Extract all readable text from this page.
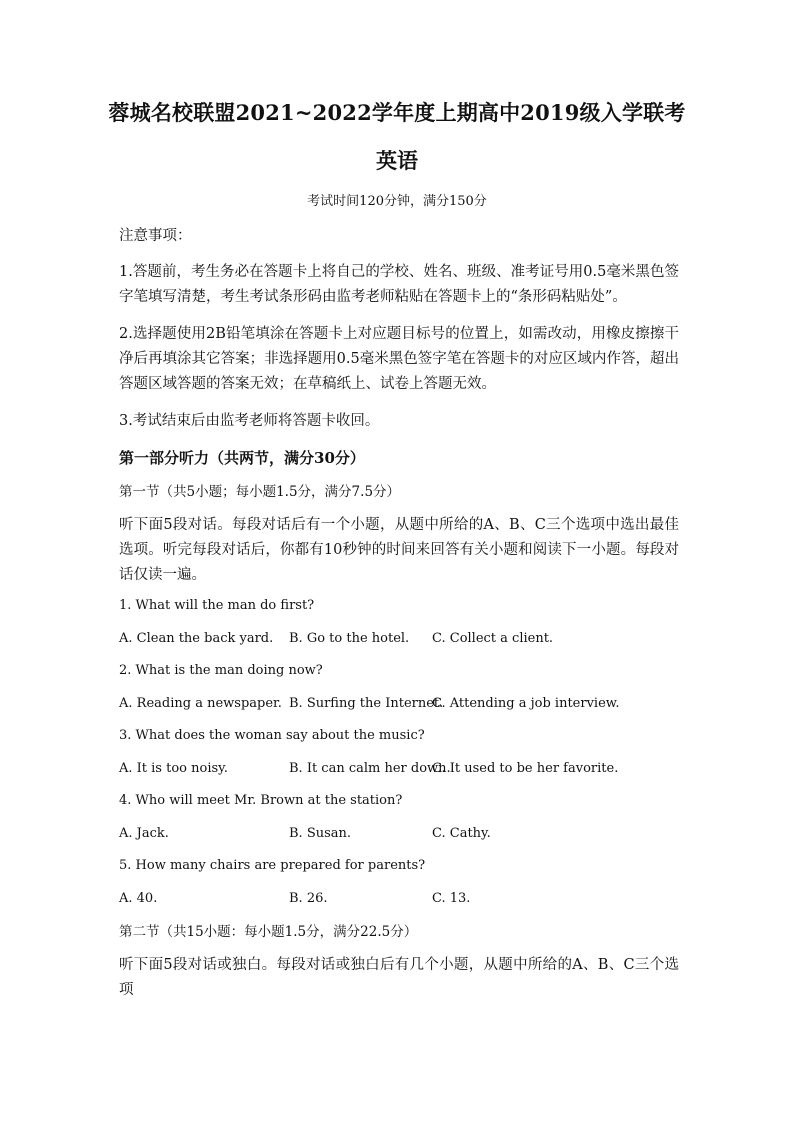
蓉城名校联盟2021~2022学年度上期高中2019级入学联考
英语
考试时间120分钟，满分150分

注意事项：

1.答题前，考生务必在答题卡上将自己的学校、姓名、班级、准考证号用0.5毫米黑色签字笔填写清楚，考生考试条形码由监考老师粘贴在答题卡上的“条形码粘贴处”。

2.选择题使用2B铅笔填涂在答题卡上对应题目标号的位置上，如需改动，用橡皮擦擦干净后再填涂其它答案；非选择题用0.5毫米黑色签字笔在答题卡的对应区域内作答，超出答题区域答题的答案无效；在草稿纸上、试卷上答题无效。

3.考试结束后由监考老师将答题卡收回。

第一部分听力（共两节，满分30分）

第一节（共5小题；每小题1.5分，满分7.5分）

听下面5段对话。每段对话后有一个小题，从题中所给的A、B、C三个选项中选出最佳选项。听完每段对话后，你都有10秒钟的时间来回答有关小题和阅读下一小题。每段对话仅读一遍。

1. What will the man do first?

A. Clean the back yard. B. Go to the hotel. C. Collect a client.

2. What is the man doing now?

A. Reading a newspaper. B. Surfing the Internet.
C. Attending a job interview.

3. What does the woman say about the music?

A. It is too noisy.	B. It can calm her down.
C. It used to be her favorite.

4. Who will meet Mr. Brown at the station?

A. Jack.	B. Susan.	C. Cathy.

5. How many chairs are prepared for parents?

A. 40.	B. 26.	C. 13.

第二节（共15小题：每小题1.5分，满分22.5分）

听下面5段对话或独白。每段对话或独白后有几个小题，从题中所给的A、B、C三个选项
